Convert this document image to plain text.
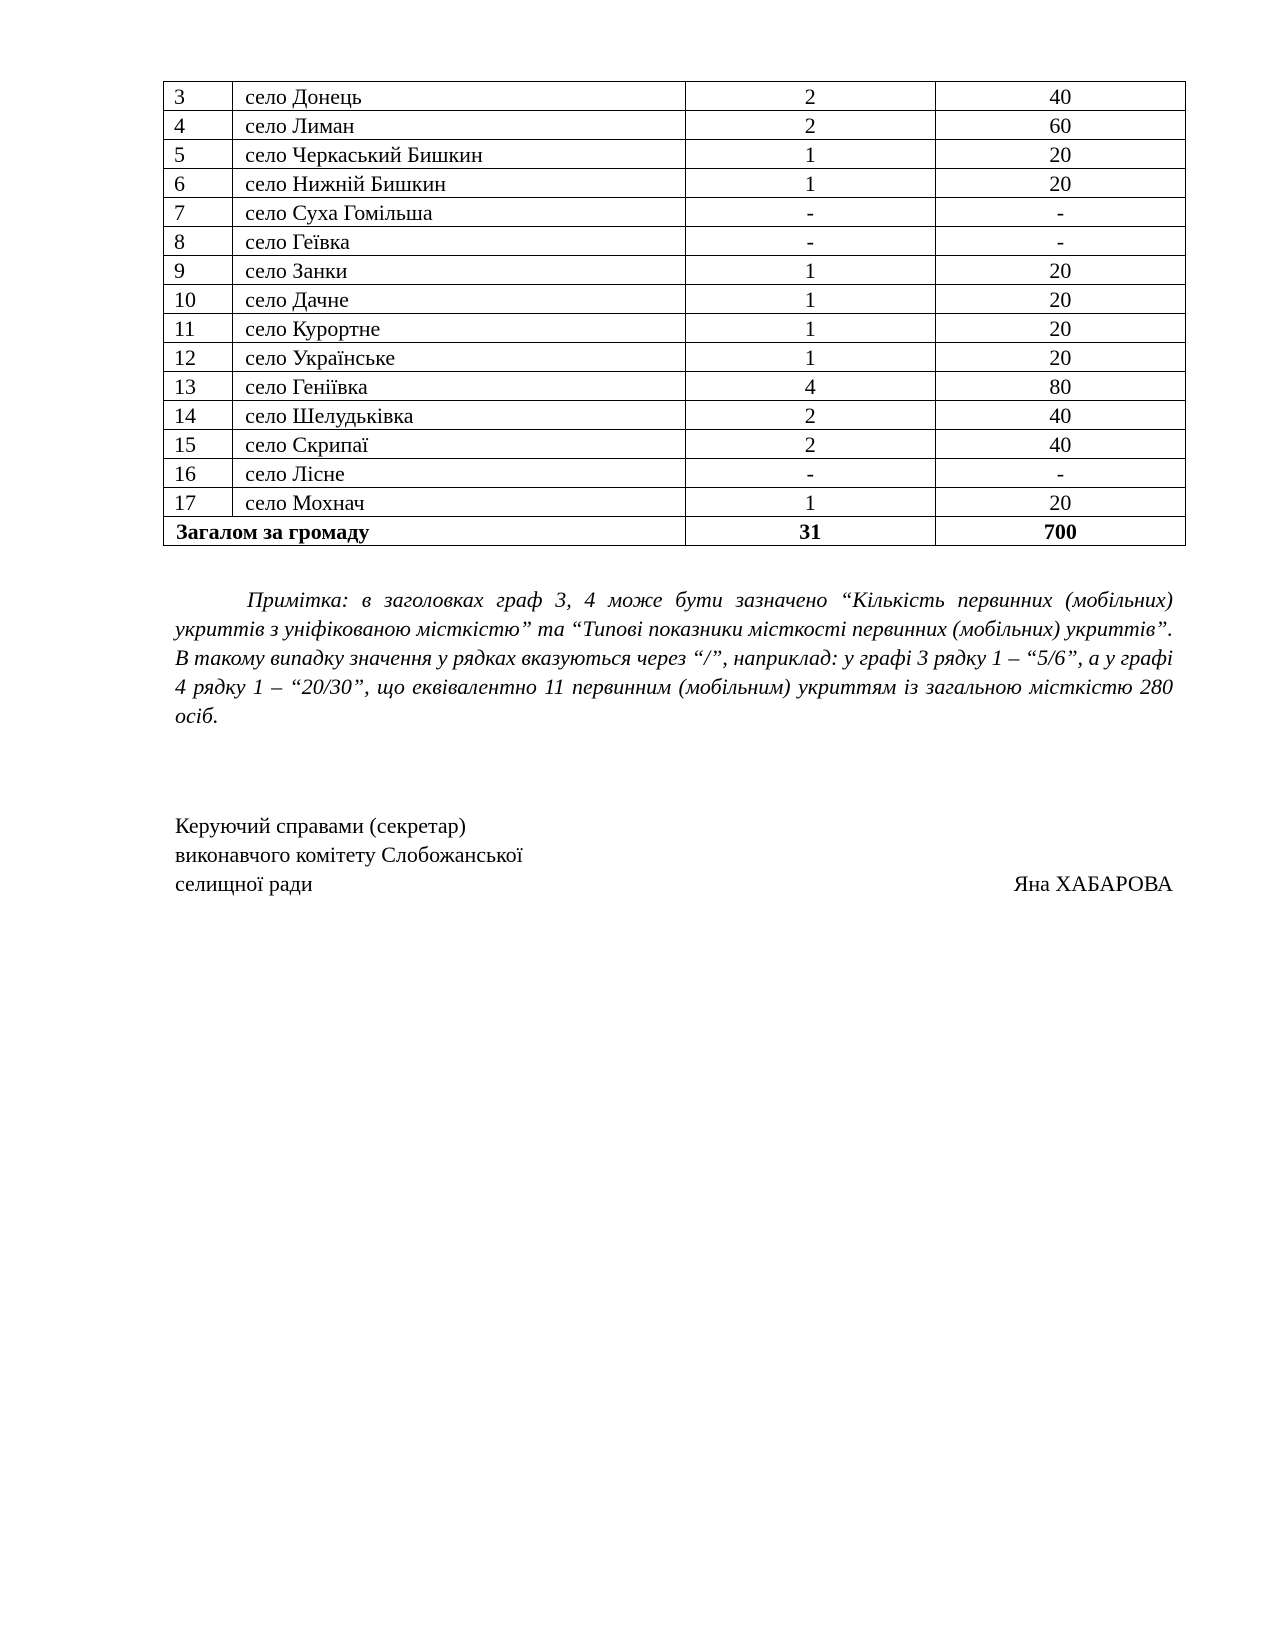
3	село Донець	2	40
4	село Лиман	2	60
5	село Черкаський Бишкин	1	20
6	село Нижній Бишкин	1	20
7	село Суха Гомільша	-	-
8	село Геївка	-	-
9	село Занки	1	20
10	село Дачне	1	20
11	село Курортне	1	20
12	село Українське	1	20
13	село Геніївка	4	80
14	село Шелудьківка	2	40
15	село Скрипаї	2	40
16	село Лісне	-	-
17	село Мохнач	1	20
Загалом за громаду		31	700
Примітка: в заголовках граф 3, 4 може бути зазначено “Кількість первинних (мобільних) укриттів з уніфікованою місткістю” та “Типові показники місткості первинних (мобільних) укриттів”. В такому випадку значення у рядках вказуються через “/”, наприклад: у графі 3 рядку 1 – “5/6”, а у графі 4 рядку 1 – “20/30”, що еквівалентно 11 первинним (мобільним) укриттям із загальною місткістю 280 осіб.
Керуючий справами (секретар)
виконавчого комітету Слобожанської
селищної ради	Яна ХАБАРОВА
